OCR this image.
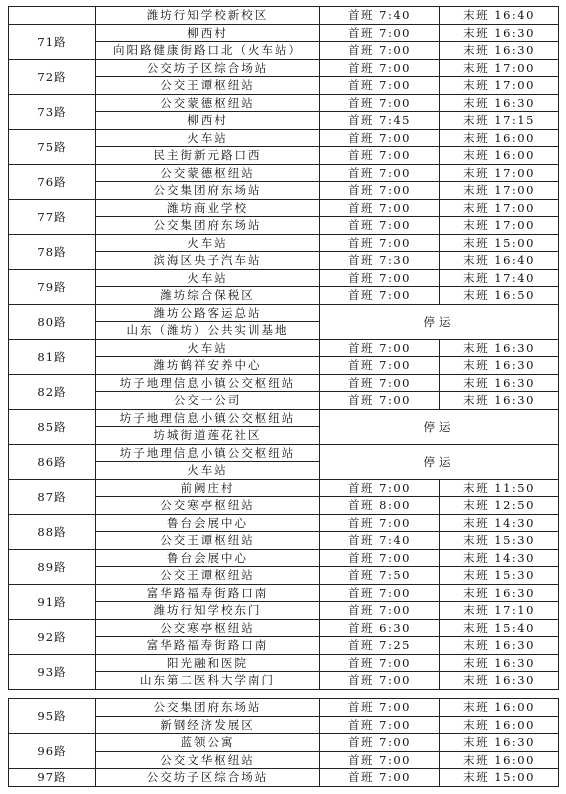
	潍坊行知学校新校区	首班 7:40	末班 16:40
71路	柳西村	首班 7:00	末班 16:30
	向阳路健康街路口北（火车站）	首班 7:00	末班 16:30
72路	公交坊子区综合场站	首班 7:00	末班 17:00
	公交王谭枢纽站	首班 7:00	末班 17:00
73路	公交蒙德枢纽站	首班 7:00	末班 16:30
	柳西村	首班 7:45	末班 17:15
75路	火车站	首班 7:00	末班 16:00
	民主街新元路口西	首班 7:00	末班 16:00
76路	公交蒙德枢纽站	首班 7:00	末班 17:00
	公交集团府东场站	首班 7:00	末班 17:00
77路	潍坊商业学校	首班 7:00	末班 17:00
	公交集团府东场站	首班 7:00	末班 17:00
78路	火车站	首班 7:00	末班 15:00
	滨海区央子汽车站	首班 7:30	末班 16:40
79路	火车站	首班 7:00	末班 17:40
	潍坊综合保税区	首班 7:00	末班 16:50
80路	潍坊公路客运总站	停运	
	山东（潍坊）公共实训基地		
81路	火车站	首班 7:00	末班 16:30
	潍坊鹤祥安养中心	首班 7:00	末班 16:30
82路	坊子地理信息小镇公交枢纽站	首班 7:00	末班 16:30
	公交一公司	首班 7:00	末班 16:30
85路	坊子地理信息小镇公交枢纽站	停运	
	坊城街道莲花社区		
86路	坊子地理信息小镇公交枢纽站	停运	
	火车站		
87路	前阙庄村	首班 7:00	末班 11:50
	公交寒亭枢纽站	首班 8:00	末班 12:50
88路	鲁台会展中心	首班 7:00	末班 14:30
	公交王谭枢纽站	首班 7:40	末班 15:30
89路	鲁台会展中心	首班 7:00	末班 14:30
	公交王谭枢纽站	首班 7:50	末班 15:30
91路	富华路福寿街路口南	首班 7:00	末班 16:30
	潍坊行知学校东门	首班 7:00	末班 17:10
92路	公交寒亭枢纽站	首班 6:30	末班 15:40
	富华路福寿街路口南	首班 7:25	末班 16:30
93路	阳光融和医院	首班 7:00	末班 16:30
	山东第二医科大学南门	首班 7:00	末班 16:30
95路	公交集团府东场站	首班 7:00	末班 16:00
	新钢经济发展区	首班 7:00	末班 16:00
96路	蓝领公寓	首班 7:00	末班 16:30
	公交文华枢纽站	首班 7:00	末班 16:00
97路	公交坊子区综合场站	首班 7:00	末班 15:00
